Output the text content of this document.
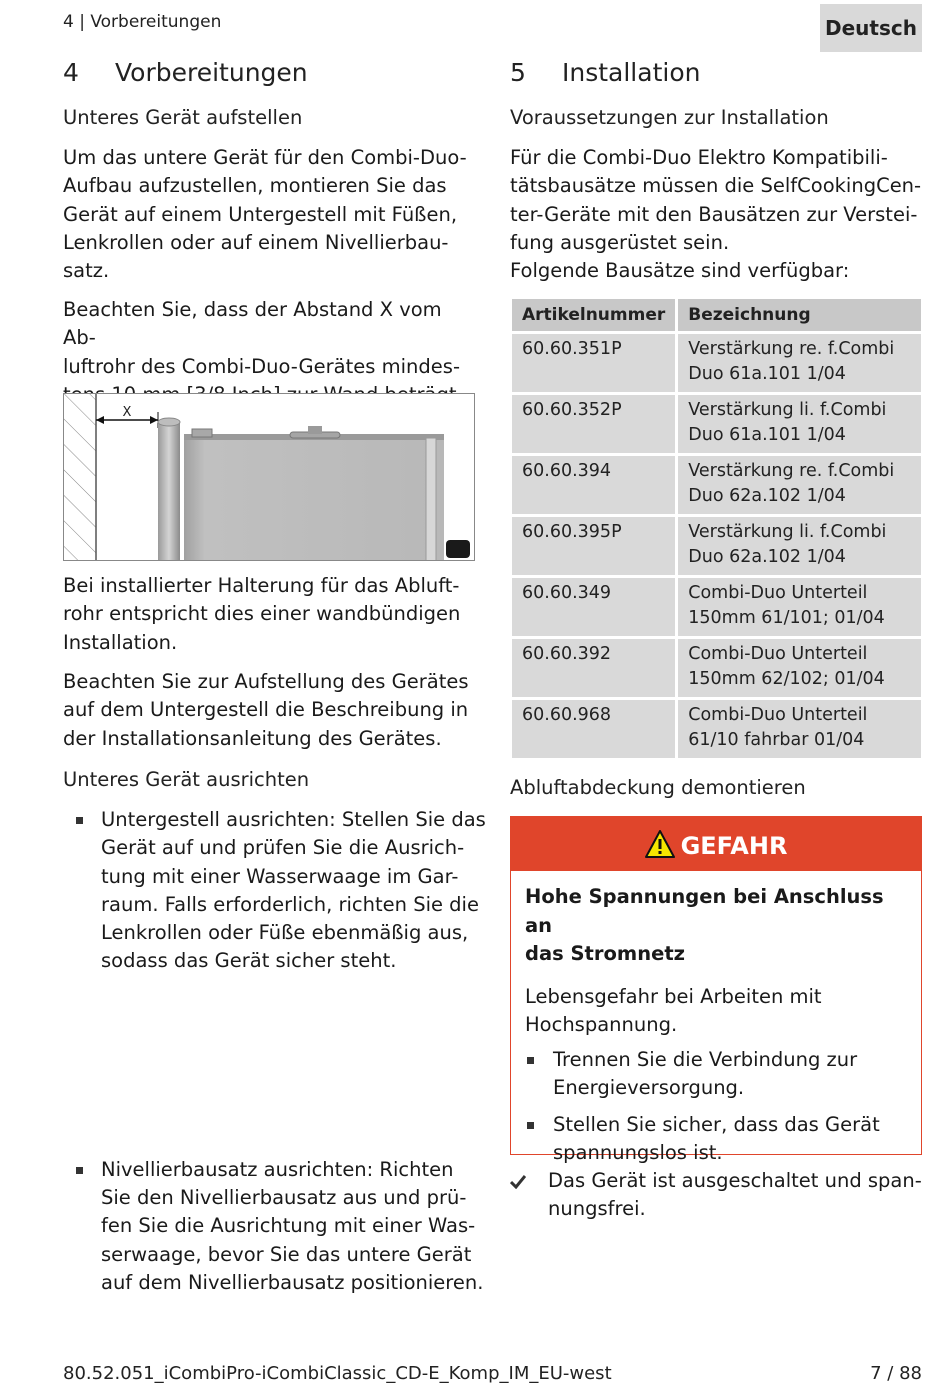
4 | Vorbereitungen	Deutsch
4 Vorbereitungen
Unteres Gerät aufstellen
Um das untere Gerät für den Combi-Duo-
Aufbau aufzustellen, montieren Sie das
Gerät auf einem Untergestell mit Füßen,
Lenkrollen oder auf einem Nivellierbau-
satz.
Beachten Sie, dass der Abstand X vom Ab-
luftrohr des Combi-Duo-Gerätes mindes-
X
Bei installierter Halterung für das Abluft-
rohr entspricht dies einer wandbündigen
Installation.
Beachten Sie zur Aufstellung des Gerätes
auf dem Untergestell die Beschreibung in
der Installationsanleitung des Gerätes.
Unteres Gerät ausrichten
Untergestell ausrichten: Stellen Sie das
Gerät auf und prüfen Sie die Ausrich-
tung mit einer Wasserwaage im Gar-
raum. Falls erforderlich, richten Sie die
Lenkrollen oder Füße ebenmäßig aus,
sodass das Gerät sicher steht.
Nivellierbausatz ausrichten: Richten
Sie den Nivellierbausatz aus und prü-
fen Sie die Ausrichtung mit einer Was-
serwaage, bevor Sie das untere Gerät
auf dem Nivellierbausatz positionieren.
5 Installation
Voraussetzungen zur Installation
Für die Combi-Duo Elektro Kompatibili-
tätsbausätze müssen die SelfCookingCen-
ter-Geräte mit den Bausätzen zur Verstei-
fung ausgerüstet sein.
Folgende Bausätze sind verfügbar:
Artikelnummer	Bezeichnung
60.60.351P	Verstärkung re. f.Combi
Duo 61a.101 1/04

60.60.352P	Verstärkung li. f.Combi
Duo 61a.101 1/04

60.60.394	Verstärkung re. f.Combi
Duo 62a.102 1/04

60.60.395P	Verstärkung li. f.Combi
Duo 62a.102 1/04

60.60.349	Combi-Duo Unterteil
150mm 61/101; 01/04

60.60.392	Combi-Duo Unterteil
150mm 62/102; 01/04

60.60.968	Combi-Duo Unterteil
61/10 fahrbar 01/04
Abluftabdeckung demontieren
GEFAHR
Hohe Spannungen bei Anschluss an
das Stromnetz
Lebensgefahr bei Arbeiten mit
Hochspannung.
Trennen Sie die Verbindung zur
Energieversorgung.
Stellen Sie sicher, dass das Gerät
spannungslos ist.
Das Gerät ist ausgeschaltet und span-
nungsfrei.
80.52.051_iCombiPro-iCombiClassic_CD-E_Komp_IM_EU-west	7 / 88
